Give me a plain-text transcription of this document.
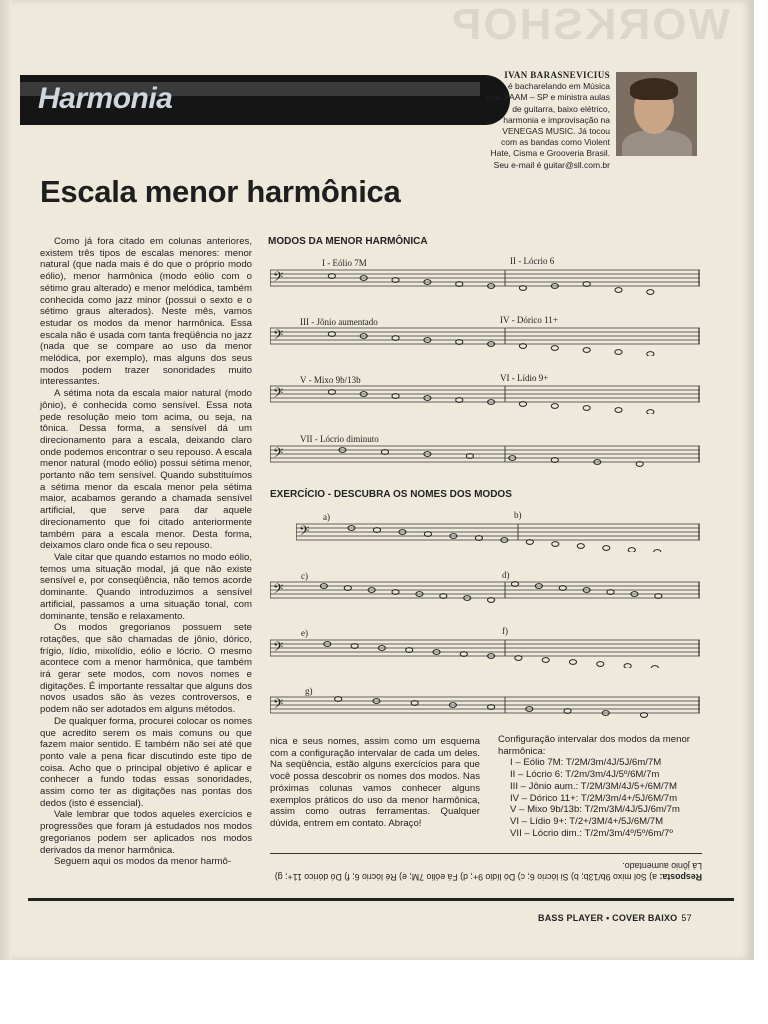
WORKSHOP
Harmonia
IVAN BARASNEVICIUS
é bacharelando em Música
pela FAAM – SP e ministra aulas
de guitarra, baixo elétrico,
harmonia e improvisação na
VENEGAS MUSIC. Já tocou
com as bandas como Violent
Hate, Cisma e Grooveria Brasil.
Seu e-mail é guitar@sll.com.br
Escala menor harmônica

Como já fora citado em colunas anteriores, existem três tipos de escalas menores: menor natural (que nada mais é do que o próprio modo eólio), menor harmônica (modo eólio com o sétimo grau alterado) e menor melódica, também conhecida como jazz minor (possui o sexto e o sétimo graus alterados). Neste mês, vamos estudar os modos da menor harmônica. Essa escala não é usada com tanta freqüência no jazz (nada que se compare ao uso da menor melódica, por exemplo), mas alguns dos seus modos podem trazer sonoridades muito interessantes.

A sétima nota da escala maior natural (modo jônio), é conhecida como sensível. Essa nota pede resolução meio tom acima, ou seja, na tônica. Dessa forma, a sensível dá um direcionamento para a escala, deixando claro onde podemos encontrar o seu repouso. A escala menor natural (modo eólio) possui sétima menor, portanto não tem sensível. Quando substituímos a sétima menor da escala menor pela sétima maior, acabamos gerando a chamada sensível artificial, que serve para dar aquele direcionamento que foi citado anteriormente também para a escala menor. Desta forma, deixamos claro onde fica o seu repouso.

Vale citar que quando estamos no modo eólio, temos uma situação modal, já que não existe sensível e, por conseqüência, não temos acorde dominante. Quando introduzimos a sensível artificial, passamos a uma situação tonal, com dominante, tensão e relaxamento.

Os modos gregorianos possuem sete rotações, que são chamadas de jônio, dórico, frígio, lídio, mixolídio, eólio e lócrio. O mesmo acontece com a menor harmônica, que também irá gerar sete modos, com novos nomes e digitações. É importante ressaltar que alguns dos novos usados são às vezes controversos, e podem não ser adotados em alguns métodos.

De qualquer forma, procurei colocar os nomes que acredito serem os mais comuns ou que fazem maior sentido. E também não sei até que ponto vale a pena ficar discutindo este tipo de coisa. Acho que o principal objetivo é aplicar e conhecer a fundo todas essas sonoridades, assim como ter as digitações nas pontas dos dedos (isto é essencial).

Vale lembrar que todos aqueles exercícios e progressões que foram já estudados nos modos gregorianos podem ser aplicados nos modos derivados da menor harmônica.

Seguem aqui os modos da menor harmô-

MODOS DA MENOR HARMÔNICA
I - Eólio 7M	II - Lócrio 6
III - Jônio aumentado	IV - Dórico 11+
V - Mixo 9b/13b	VI - Lídio 9+
VII - Lócrio diminuto
EXERCÍCIO - DESCUBRA OS NOMES DOS MODOS
a)	b)
c)	d)
e)	f)
g)
𝄢
𝄢
𝄢
𝄢
𝄢
𝄢
𝄢
𝄢
nica e seus nomes, assim como um esquema com a configuração intervalar de cada um deles. Na seqüência, estão alguns exercícios para que você possa descobrir os nomes dos modos. Nas próximas colunas vamos conhecer alguns exemplos práticos do uso da menor harmônica, assim como outras ferramentas. Qualquer dúvida, entrem em contato. Abraço!
Configuração intervalar dos modos da menor harmônica:
I – Eólio 7M: T/2M/3m/4J/5J/6m/7M
II – Lócrio 6: T/2m/3m/4J/5º/6M/7m
III – Jônio aum.: T/2M/3M/4J/5+/6M/7M
IV – Dórico 11+: T/2M/3m/4+/5J/6M/7m
V – Mixo 9b/13b: T/2m/3M/4J/5J/6m/7m
VI – Lídio 9+: T/2+/3M/4+/5J/6M/7M
VII – Lócrio dim.: T/2m/3m/4º/5º/6m/7º
Resposta: a) Sol mixo 9b/13b; b) Si lócrio 6; c) Dó lídio 9+; d) Fá eólio 7M; e) Ré lócrio 6; f) Dó dórico 11+; g) Lá jônio aumentado.
BASS PLAYER • COVER BAIXO 57
